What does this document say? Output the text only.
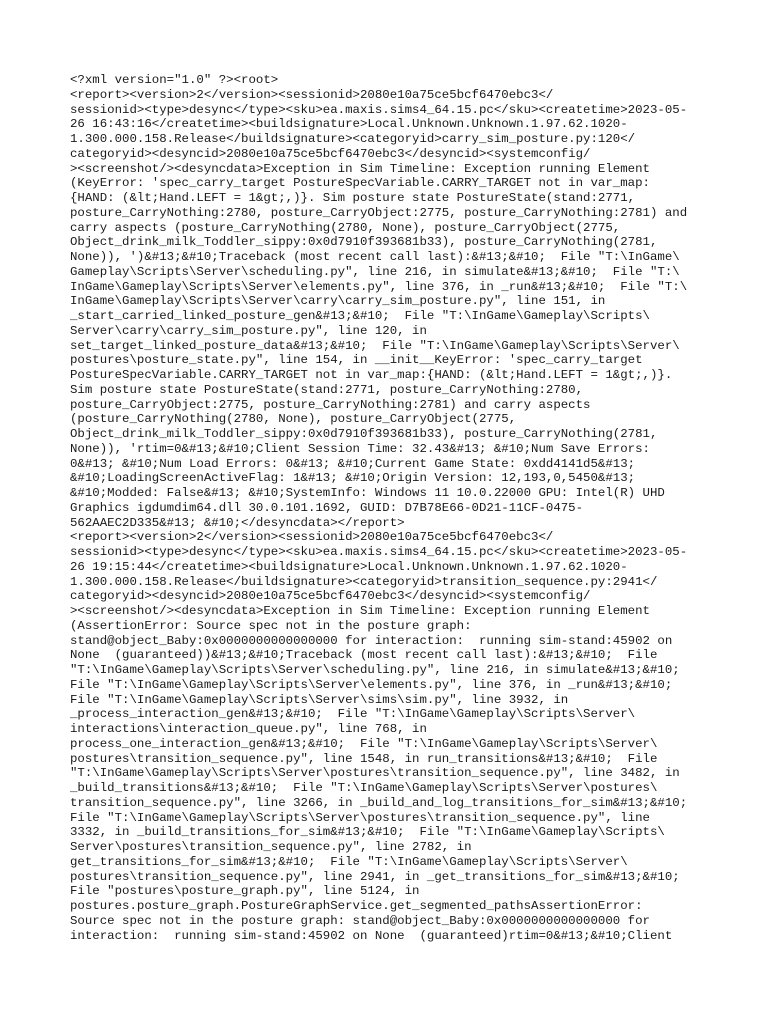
<?xml version="1.0" ?><root>
<report><version>2</version><sessionid>2080e10a75ce5bcf6470ebc3</
sessionid><type>desync</type><sku>ea.maxis.sims4_64.15.pc</sku><createtime>2023-05-
26 16:43:16</createtime><buildsignature>Local.Unknown.Unknown.1.97.62.1020-
1.300.000.158.Release</buildsignature><categoryid>carry_sim_posture.py:120</
categoryid><desyncid>2080e10a75ce5bcf6470ebc3</desyncid><systemconfig/
><screenshot/><desyncdata>Exception in Sim Timeline: Exception running Element
(KeyError: 'spec_carry_target PostureSpecVariable.CARRY_TARGET not in var_map:
{HAND: (&lt;Hand.LEFT = 1&gt;,)}. Sim posture state PostureState(stand:2771,
posture_CarryNothing:2780, posture_CarryObject:2775, posture_CarryNothing:2781) and
carry aspects (posture_CarryNothing(2780, None), posture_CarryObject(2775,
Object_drink_milk_Toddler_sippy:0x0d7910f393681b33), posture_CarryNothing(2781,
None)), ')&#13;&#10;Traceback (most recent call last):&#13;&#10;  File "T:\InGame\
Gameplay\Scripts\Server\scheduling.py", line 216, in simulate&#13;&#10;  File "T:\
InGame\Gameplay\Scripts\Server\elements.py", line 376, in _run&#13;&#10;  File "T:\
InGame\Gameplay\Scripts\Server\carry\carry_sim_posture.py", line 151, in
_start_carried_linked_posture_gen&#13;&#10;  File "T:\InGame\Gameplay\Scripts\
Server\carry\carry_sim_posture.py", line 120, in
set_target_linked_posture_data&#13;&#10;  File "T:\InGame\Gameplay\Scripts\Server\
postures\posture_state.py", line 154, in __init__KeyError: 'spec_carry_target
PostureSpecVariable.CARRY_TARGET not in var_map:{HAND: (&lt;Hand.LEFT = 1&gt;,)}.
Sim posture state PostureState(stand:2771, posture_CarryNothing:2780,
posture_CarryObject:2775, posture_CarryNothing:2781) and carry aspects
(posture_CarryNothing(2780, None), posture_CarryObject(2775,
Object_drink_milk_Toddler_sippy:0x0d7910f393681b33), posture_CarryNothing(2781,
None)), 'rtim=0&#13;&#10;Client Session Time: 32.43&#13; &#10;Num Save Errors:
0&#13; &#10;Num Load Errors: 0&#13; &#10;Current Game State: 0xdd4141d5&#13;
&#10;LoadingScreenActiveFlag: 1&#13; &#10;Origin Version: 12,193,0,5450&#13;
&#10;Modded: False&#13; &#10;SystemInfo: Windows 11 10.0.22000 GPU: Intel(R) UHD
Graphics igdumdim64.dll 30.0.101.1692, GUID: D7B78E66-0D21-11CF-0475-
562AAEC2D335&#13; &#10;</desyncdata></report>
<report><version>2</version><sessionid>2080e10a75ce5bcf6470ebc3</
sessionid><type>desync</type><sku>ea.maxis.sims4_64.15.pc</sku><createtime>2023-05-
26 19:15:44</createtime><buildsignature>Local.Unknown.Unknown.1.97.62.1020-
1.300.000.158.Release</buildsignature><categoryid>transition_sequence.py:2941</
categoryid><desyncid>2080e10a75ce5bcf6470ebc3</desyncid><systemconfig/
><screenshot/><desyncdata>Exception in Sim Timeline: Exception running Element
(AssertionError: Source spec not in the posture graph:
stand@object_Baby:0x0000000000000000 for interaction:  running sim-stand:45902 on
None  (guaranteed))&#13;&#10;Traceback (most recent call last):&#13;&#10;  File
"T:\InGame\Gameplay\Scripts\Server\scheduling.py", line 216, in simulate&#13;&#10;
File "T:\InGame\Gameplay\Scripts\Server\elements.py", line 376, in _run&#13;&#10;
File "T:\InGame\Gameplay\Scripts\Server\sims\sim.py", line 3932, in
_process_interaction_gen&#13;&#10;  File "T:\InGame\Gameplay\Scripts\Server\
interactions\interaction_queue.py", line 768, in
process_one_interaction_gen&#13;&#10;  File "T:\InGame\Gameplay\Scripts\Server\
postures\transition_sequence.py", line 1548, in run_transitions&#13;&#10;  File
"T:\InGame\Gameplay\Scripts\Server\postures\transition_sequence.py", line 3482, in
_build_transitions&#13;&#10;  File "T:\InGame\Gameplay\Scripts\Server\postures\
transition_sequence.py", line 3266, in _build_and_log_transitions_for_sim&#13;&#10;
File "T:\InGame\Gameplay\Scripts\Server\postures\transition_sequence.py", line
3332, in _build_transitions_for_sim&#13;&#10;  File "T:\InGame\Gameplay\Scripts\
Server\postures\transition_sequence.py", line 2782, in
get_transitions_for_sim&#13;&#10;  File "T:\InGame\Gameplay\Scripts\Server\
postures\transition_sequence.py", line 2941, in _get_transitions_for_sim&#13;&#10;
File "postures\posture_graph.py", line 5124, in
postures.posture_graph.PostureGraphService.get_segmented_pathsAssertionError:
Source spec not in the posture graph: stand@object_Baby:0x0000000000000000 for
interaction:  running sim-stand:45902 on None  (guaranteed)rtim=0&#13;&#10;Client
